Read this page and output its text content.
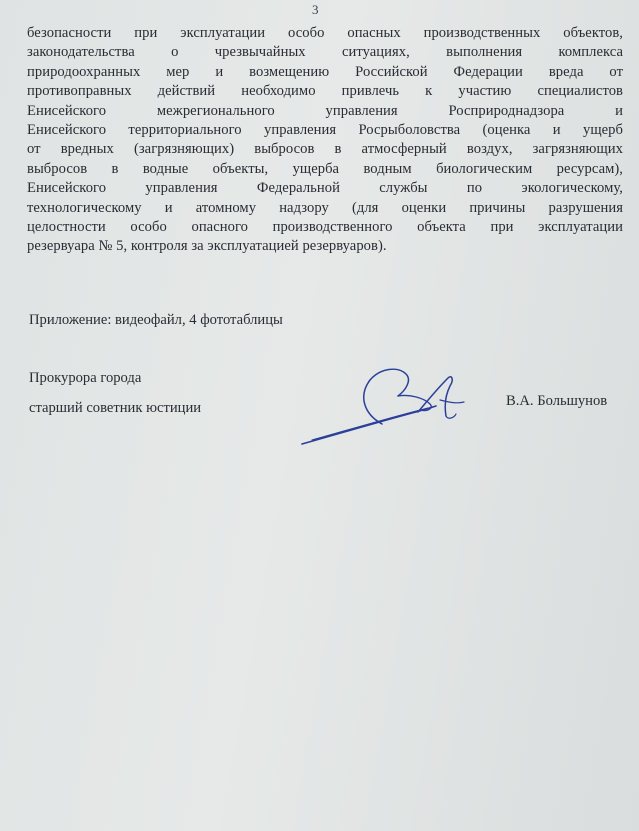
3
безопасности при эксплуатации особо опасных производственных объектов,
законодательства о чрезвычайных ситуациях, выполнения комплекса
природоохранных мер и возмещению Российской Федерации вреда от
противоправных действий необходимо привлечь к участию специалистов
Енисейского межрегионального управления Росприроднадзора и
Енисейского территориального управления Росрыболовства (оценка и ущерб
от вредных (загрязняющих) выбросов в атмосферный воздух, загрязняющих
выбросов в водные объекты, ущерба водным биологическим ресурсам),
Енисейского управления Федеральной службы по экологическому,
технологическому и атомному надзору (для оценки причины разрушения
целостности особо опасного производственного объекта при эксплуатации
резервуара № 5, контроля за эксплуатацией резервуаров).
Приложение: видеофайл, 4 фототаблицы
Прокурора города
старший советник юстиции	В.А. Большунов
